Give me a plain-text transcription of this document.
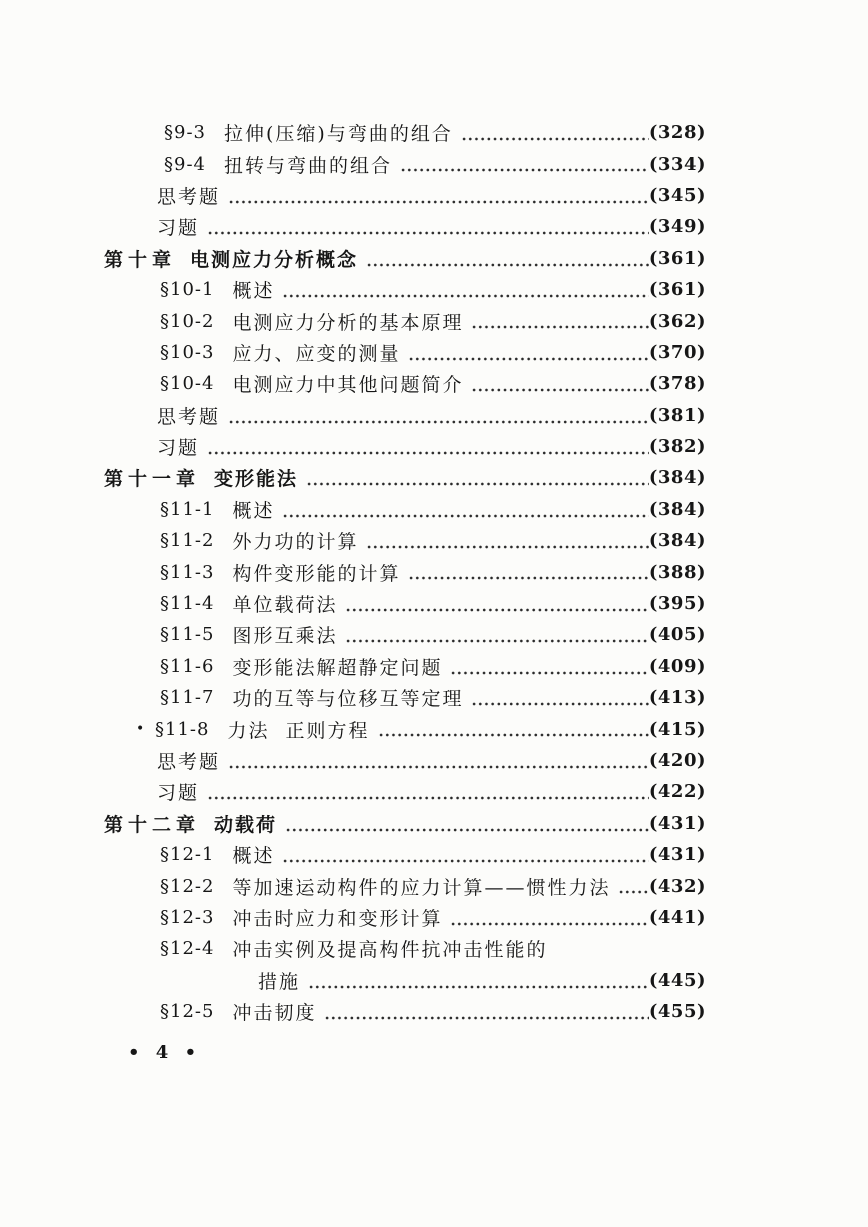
§9-3 拉伸(压缩)与弯曲的组合	(328)
§9-4 扭转与弯曲的组合	(334)
思考题	(345)
习题	(349)
第十章 电测应力分析概念	(361)
§10-1 概述	(361)
§10-2 电测应力分析的基本原理	(362)
§10-3 应力、应变的测量	(370)
§10-4 电测应力中其他问题简介	(378)
思考题	(381)
习题	(382)
第十一章 变形能法	(384)
§11-1 概述	(384)
§11-2 外力功的计算	(384)
§11-3 构件变形能的计算	(388)
§11-4 单位载荷法	(395)
§11-5 图形互乘法	(405)
§11-6 变形能法解超静定问题	(409)
§11-7 功的互等与位移互等定理	(413)
• §11-8 力法  正则方程	(415)
思考题	(420)
习题	(422)
第十二章 动载荷	(431)
§12-1 概述	(431)
§12-2 等加速运动构件的应力计算——惯性力法 (432)
§12-3 冲击时应力和变形计算	(441)
§12-4 冲击实例及提高构件抗冲击性能的
措施	(445)
§12-5 冲击韧度	(455)
• 4 •
